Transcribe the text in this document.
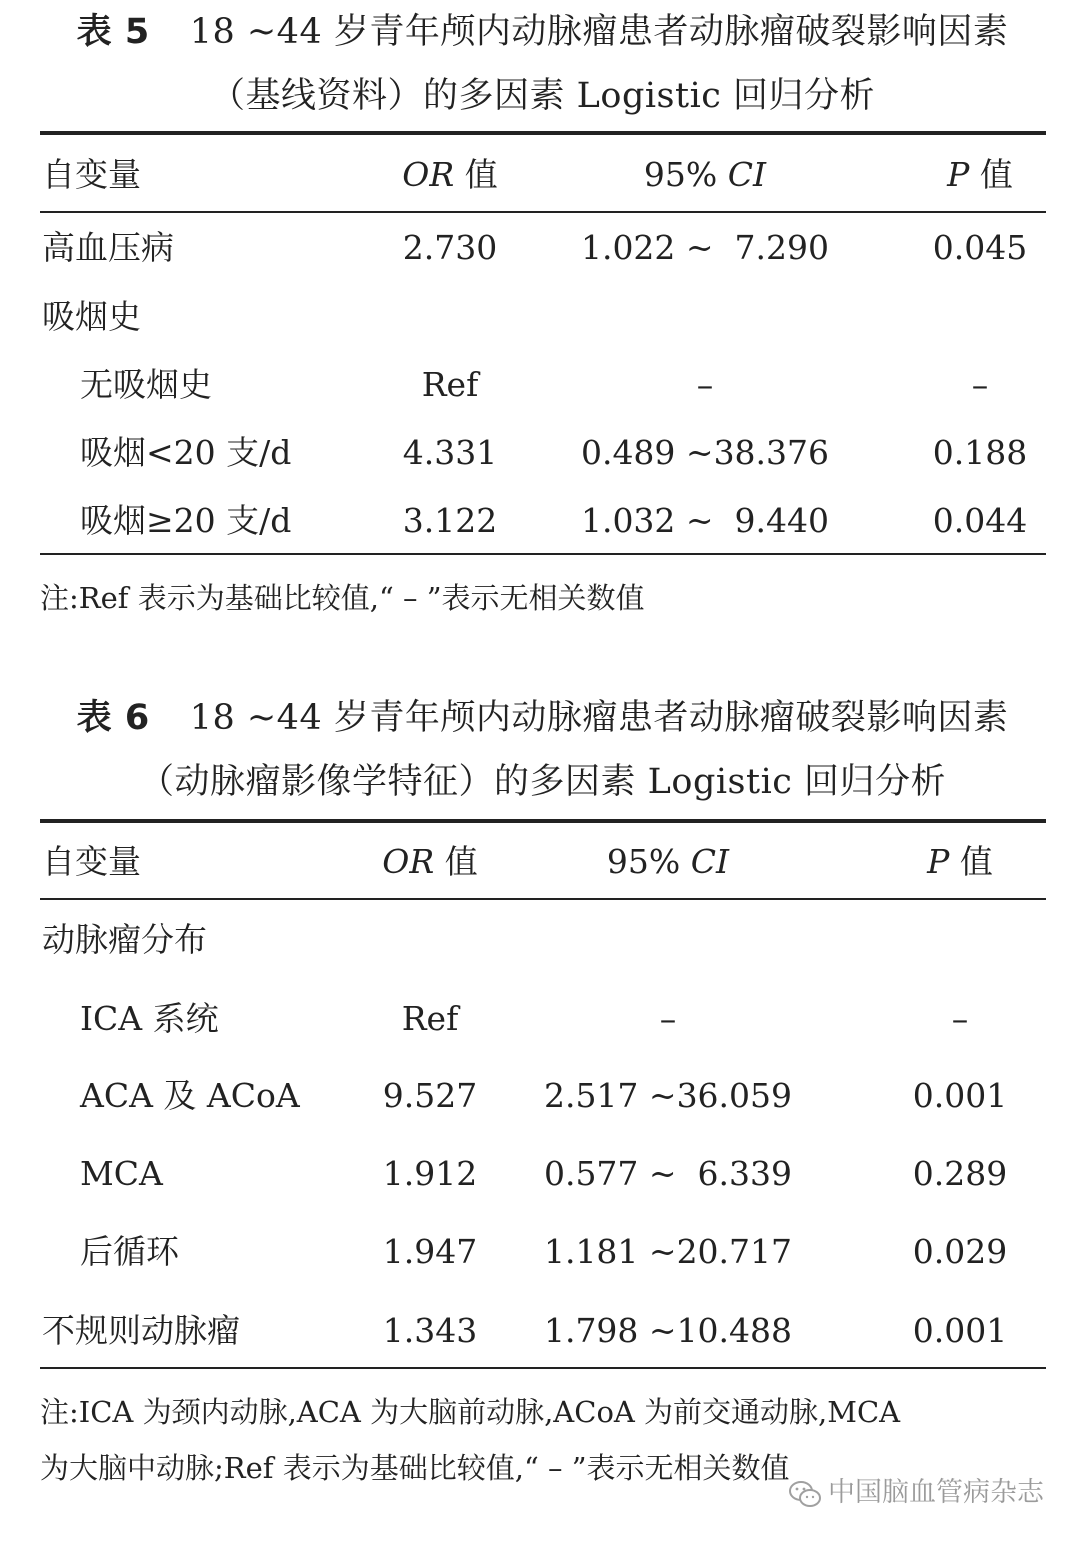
表 5 18 ~44 岁青年颅内动脉瘤患者动脉瘤破裂影响因素
（基线资料）的多因素 Logistic 回归分析
自变量	OR 值	95% CI	P 值
高血压病	2.730	1.022 ~  7.290	0.045
吸烟史
无吸烟史	Ref	–	–
吸烟<20 支/d	4.331	0.489 ~38.376	0.188
吸烟≥20 支/d	3.122	1.032 ~  9.440	0.044
注:Ref 表示为基础比较值,“ – ”表示无相关数值
表 6 18 ~44 岁青年颅内动脉瘤患者动脉瘤破裂影响因素
（动脉瘤影像学特征）的多因素 Logistic 回归分析
自变量	OR 值	95% CI	P 值
动脉瘤分布
ICA 系统	Ref	–	–
ACA 及 ACoA	9.527	2.517 ~36.059	0.001
MCA	1.912	0.577 ~  6.339	0.289
后循环	1.947	1.181 ~20.717	0.029
不规则动脉瘤	1.343	1.798 ~10.488	0.001
注:ICA 为颈内动脉,ACA 为大脑前动脉,ACoA 为前交通动脉,MCA
为大脑中动脉;Ref 表示为基础比较值,“ – ”表示无相关数值
中国脑血管病杂志
